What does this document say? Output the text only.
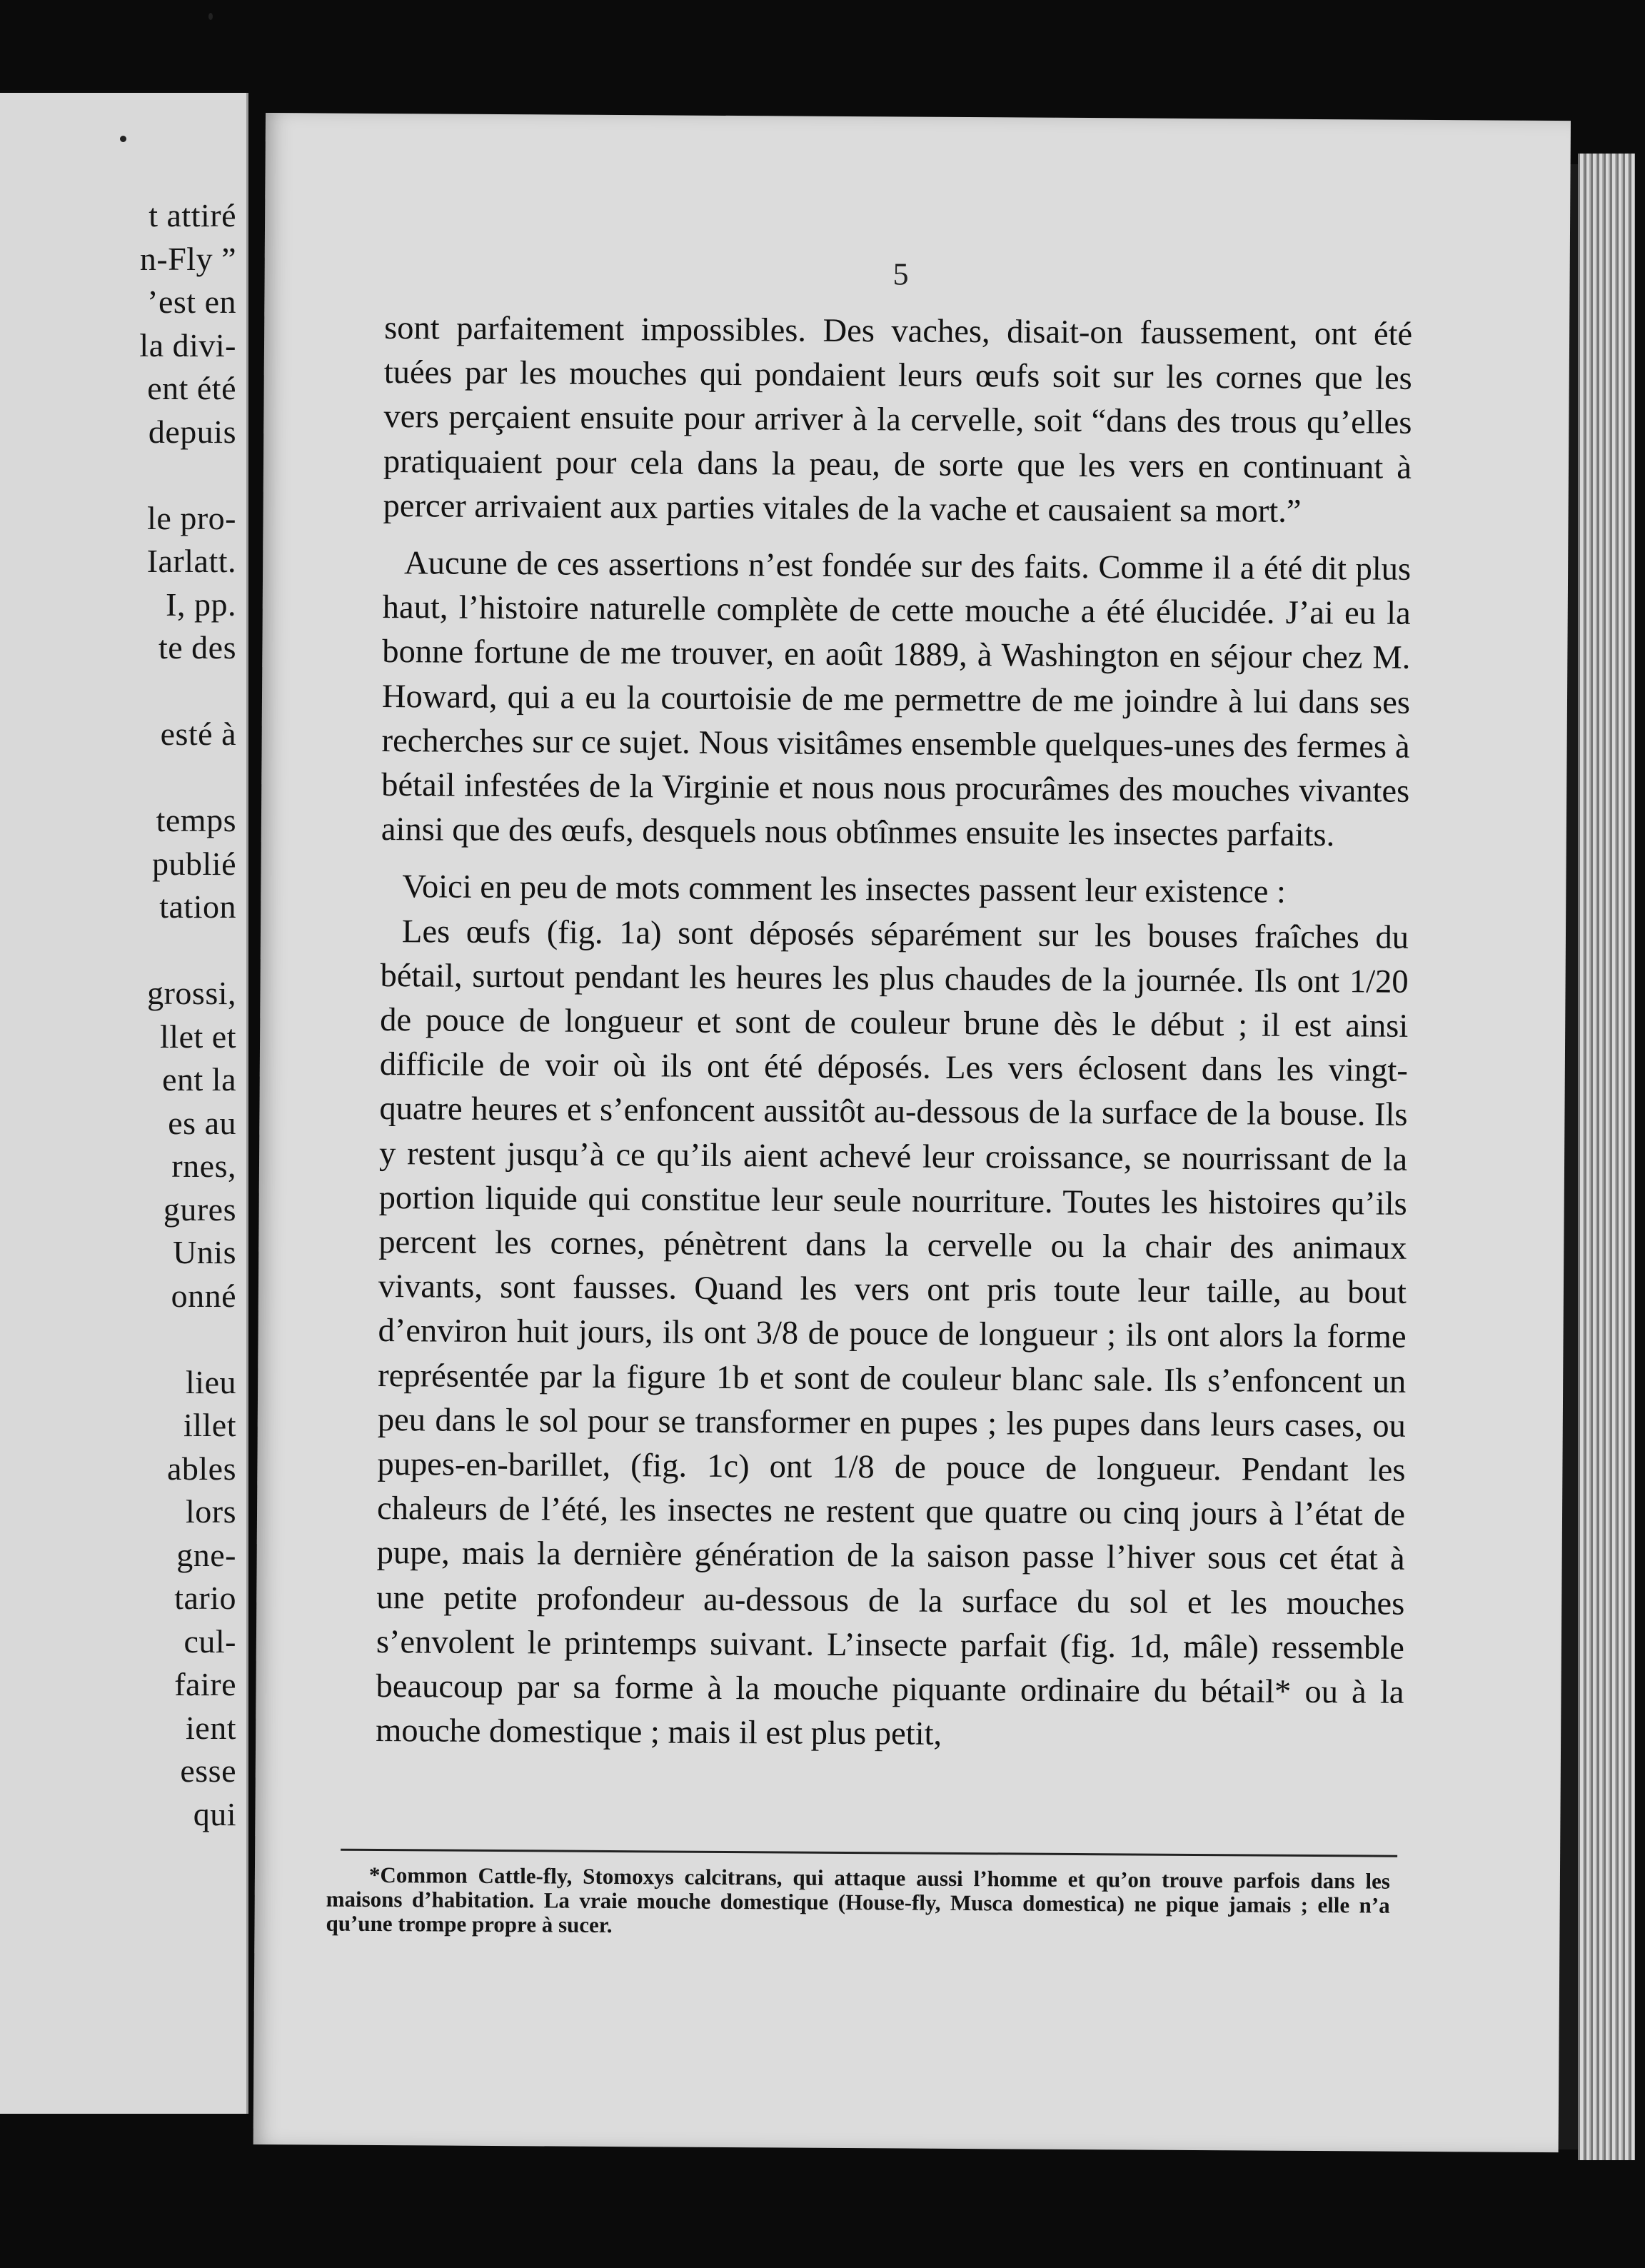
t attiré
n-Fly ”
’est en
la divi-
ent été
depuis
le pro-
Iarlatt.
I, pp.
te des
esté à
temps
publié
tation
grossi,
llet et
ent la
es au
rnes,
gures
Unis
onné
lieu
illet
ables
lors
gne-
tario
cul-
faire
ient
esse
qui
5

sont parfaitement impossibles. Des vaches, disait-on faussement, ont été tuées par les mouches qui pondaient leurs œufs soit sur les cornes que les vers perçaient ensuite pour arriver à la cervelle, soit “dans des trous qu’elles pratiquaient pour cela dans la peau, de sorte que les vers en continuant à percer arrivaient aux parties vitales de la vache et causaient sa mort.”

Aucune de ces assertions n’est fondée sur des faits. Comme il a été dit plus haut, l’histoire naturelle complète de cette mouche a été élucidée. J’ai eu la bonne fortune de me trouver, en août 1889, à Washington en séjour chez M. Howard, qui a eu la courtoisie de me permettre de me joindre à lui dans ses recherches sur ce sujet. Nous visitâmes ensemble quelques-unes des fermes à bétail infestées de la Virginie et nous nous procurâmes des mouches vivantes ainsi que des œufs, desquels nous obtînmes ensuite les insectes parfaits.

Voici en peu de mots comment les insectes passent leur existence :

Les œufs (fig. 1a) sont déposés séparément sur les bouses fraîches du bétail, surtout pendant les heures les plus chaudes de la journée. Ils ont 1/20 de pouce de longueur et sont de couleur brune dès le début ; il est ainsi difficile de voir où ils ont été déposés. Les vers éclosent dans les vingt-quatre heures et s’enfoncent aussitôt au-dessous de la surface de la bouse. Ils y restent jusqu’à ce qu’ils aient achevé leur croissance, se nourrissant de la portion liquide qui constitue leur seule nourriture. Toutes les histoires qu’ils percent les cornes, pénètrent dans la cervelle ou la chair des animaux vivants, sont fausses. Quand les vers ont pris toute leur taille, au bout d’environ huit jours, ils ont 3/8 de pouce de longueur ; ils ont alors la forme représentée par la figure 1b et sont de couleur blanc sale. Ils s’enfoncent un peu dans le sol pour se transformer en pupes ; les pupes dans leurs cases, ou pupes-en-barillet, (fig. 1c) ont 1/8 de pouce de longueur. Pendant les chaleurs de l’été, les insectes ne restent que quatre ou cinq jours à l’état de pupe, mais la dernière génération de la saison passe l’hiver sous cet état à une petite profondeur au-dessous de la surface du sol et les mouches s’envolent le printemps suivant. L’insecte parfait (fig. 1d, mâle) ressemble beaucoup par sa forme à la mouche piquante ordinaire du bétail* ou à la mouche domestique ; mais il est plus petit,

*Common Cattle-fly, Stomoxys calcitrans, qui attaque aussi l’homme et qu’on trouve parfois dans les maisons d’habitation. La vraie mouche domestique (House-fly, Musca domestica) ne pique jamais ; elle n’a qu’une trompe propre à sucer.
